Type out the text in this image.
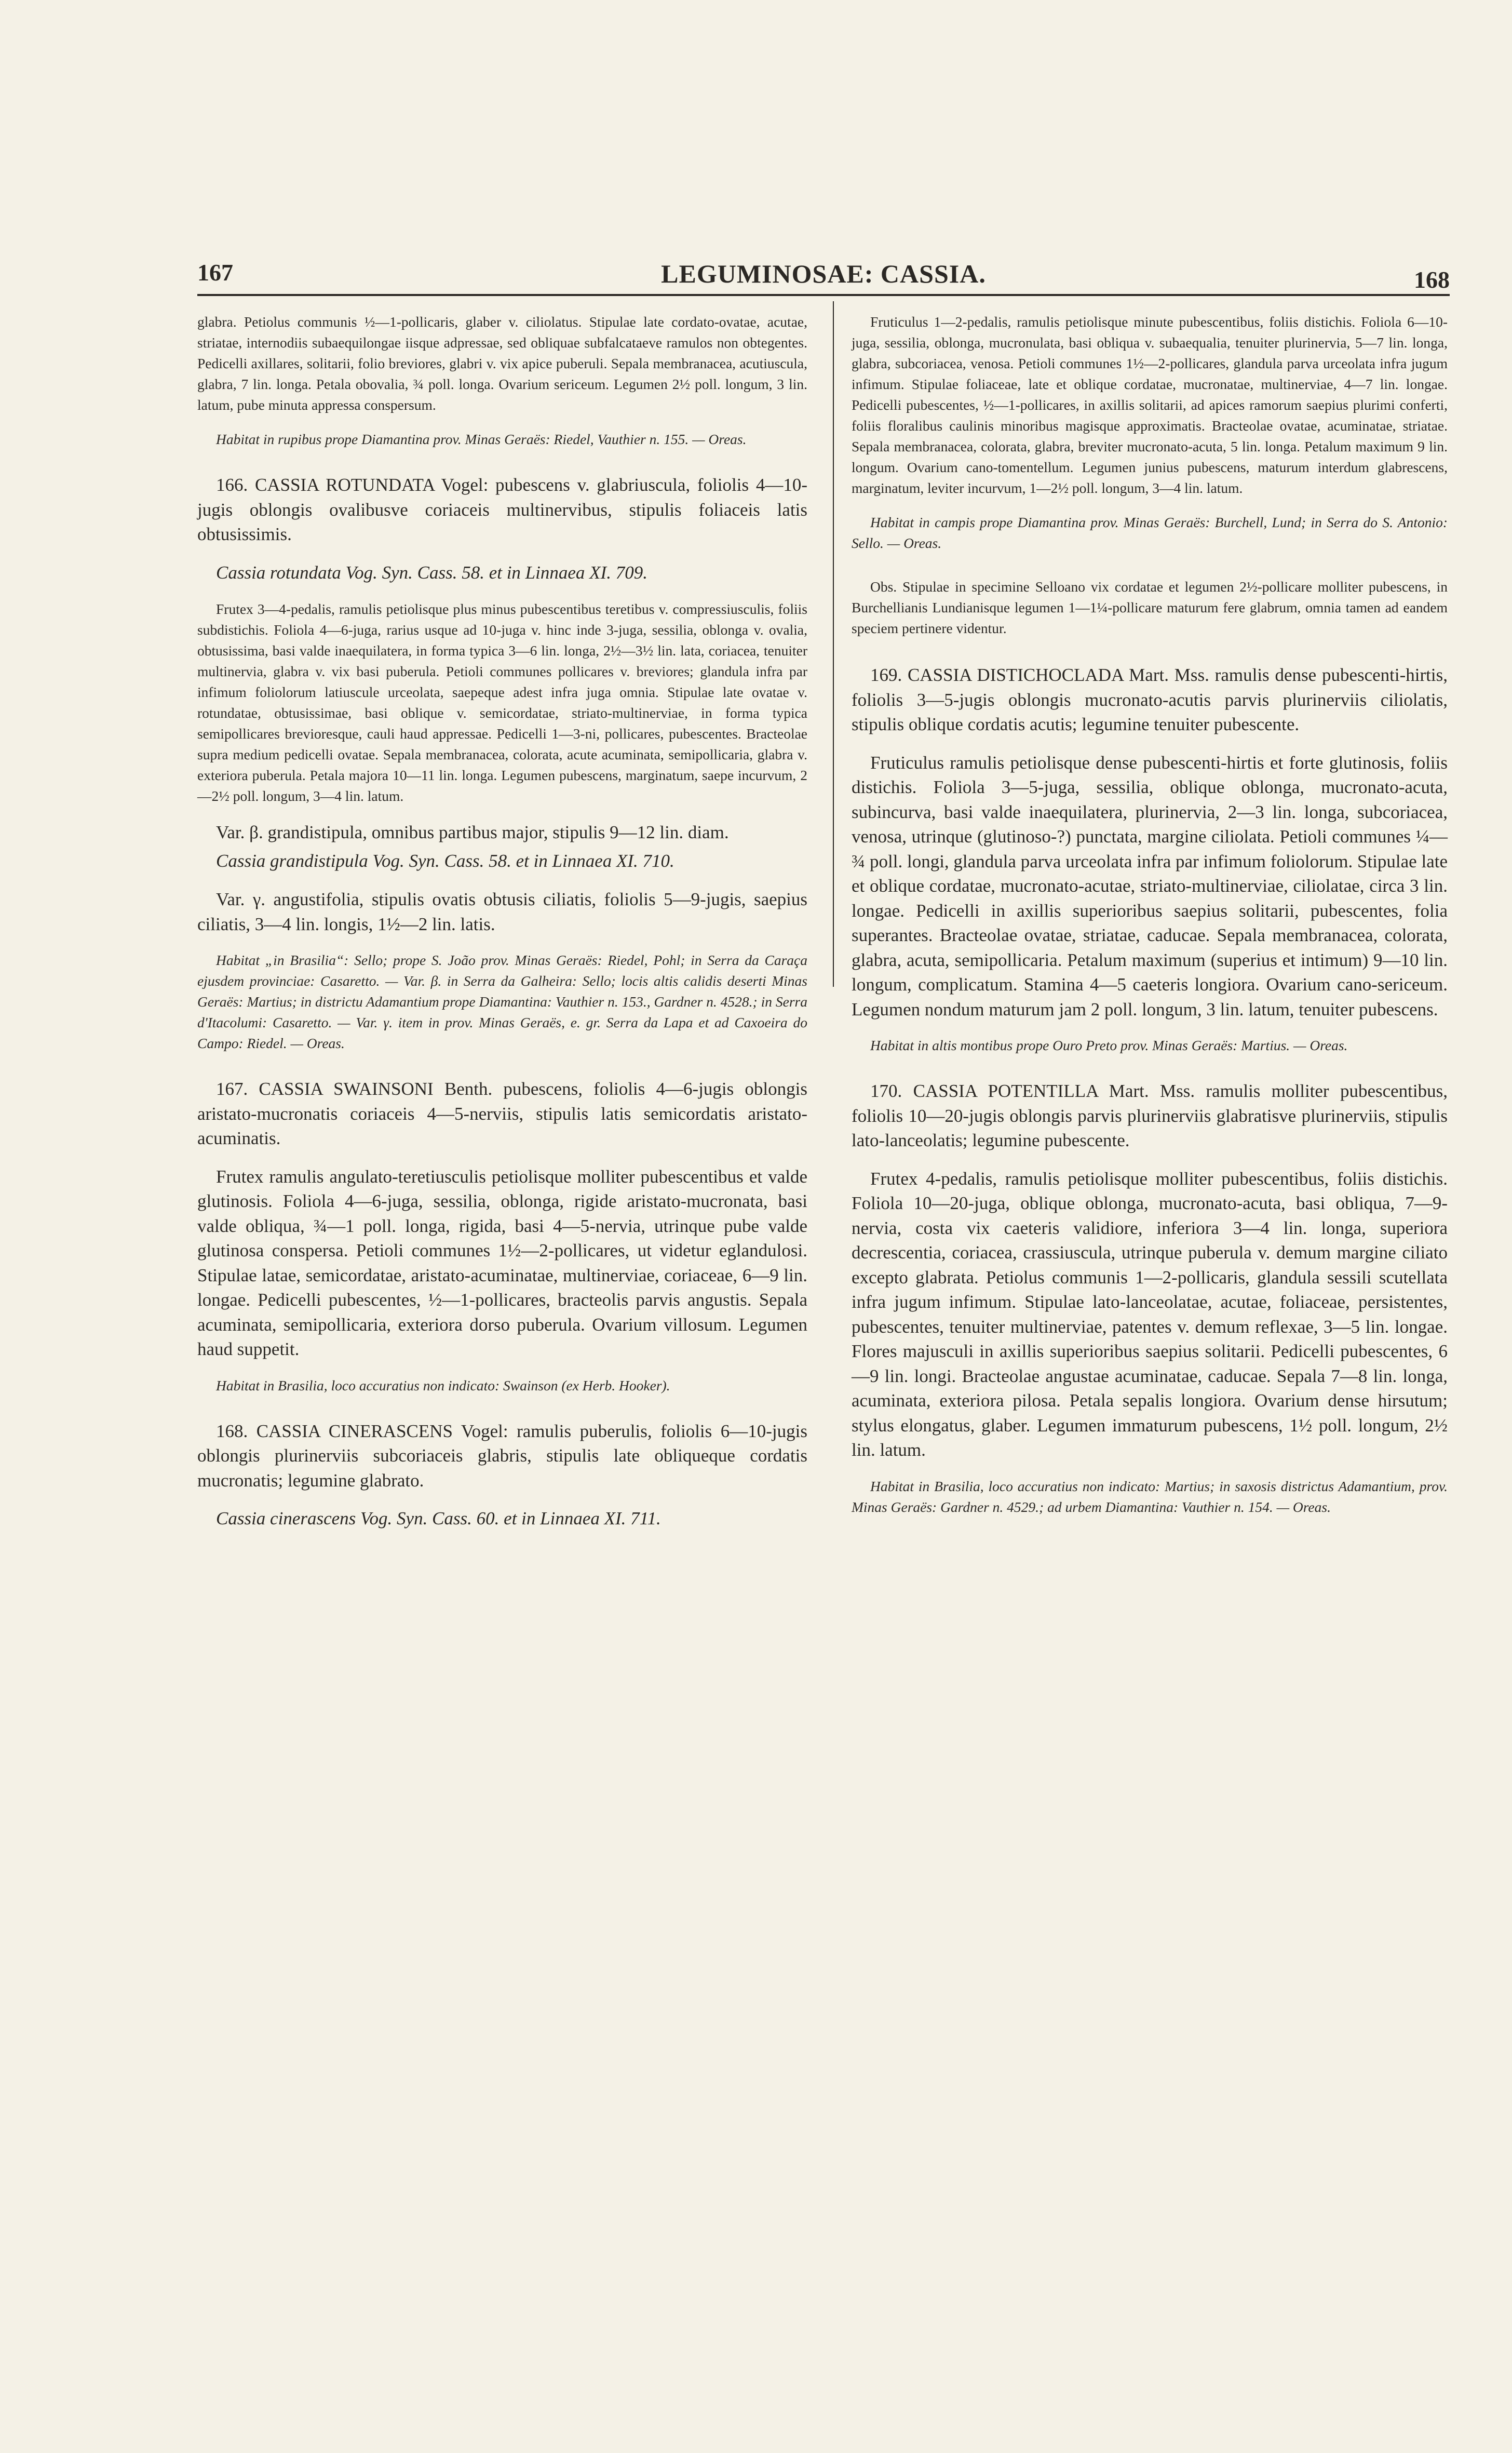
167	LEGUMINOSAE: CASSIA.	168

glabra. Petiolus communis ½—1-pollicaris, glaber v. ciliolatus. Stipulae late cordato-ovatae, acutae, striatae, internodiis subaequilongae iisque adpressae, sed obliquae subfalcataeve ramulos non obtegentes. Pedicelli axillares, solitarii, folio breviores, glabri v. vix apice puberuli. Sepala membranacea, acutiuscula, glabra, 7 lin. longa. Petala obovalia, ¾ poll. longa. Ovarium sericeum. Legumen 2½ poll. longum, 3 lin. latum, pube minuta appressa conspersum.

Habitat in rupibus prope Diamantina prov. Minas Geraës: Riedel, Vauthier n. 155. — Oreas.

166. CASSIA ROTUNDATA Vogel: pubescens v. glabriuscula, foliolis 4—10-jugis oblongis ovalibusve coriaceis multinervibus, stipulis foliaceis latis obtusissimis.

Cassia rotundata Vog. Syn. Cass. 58. et in Linnaea XI. 709.

Frutex 3—4-pedalis, ramulis petiolisque plus minus pubescentibus teretibus v. compressiusculis, foliis subdistichis. Foliola 4—6-juga, rarius usque ad 10-juga v. hinc inde 3-juga, sessilia, oblonga v. ovalia, obtusissima, basi valde inaequilatera, in forma typica 3—6 lin. longa, 2½—3½ lin. lata, coriacea, tenuiter multinervia, glabra v. vix basi puberula. Petioli communes pollicares v. breviores; glandula infra par infimum foliolorum latiuscule urceolata, saepeque adest infra juga omnia. Stipulae late ovatae v. rotundatae, obtusissimae, basi oblique v. semicordatae, striato-multinerviae, in forma typica semipollicares brevioresque, cauli haud appressae. Pedicelli 1—3-ni, pollicares, pubescentes. Bracteolae supra medium pedicelli ovatae. Sepala membranacea, colorata, acute acuminata, semipollicaria, glabra v. exteriora puberula. Petala majora 10—11 lin. longa. Legumen pubescens, marginatum, saepe incurvum, 2—2½ poll. longum, 3—4 lin. latum.

Var. β. grandistipula, omnibus partibus major, stipulis 9—12 lin. diam.

Cassia grandistipula Vog. Syn. Cass. 58. et in Linnaea XI. 710.

Var. γ. angustifolia, stipulis ovatis obtusis ciliatis, foliolis 5—9-jugis, saepius ciliatis, 3—4 lin. longis, 1½—2 lin. latis.

Habitat „in Brasilia“: Sello; prope S. João prov. Minas Geraës: Riedel, Pohl; in Serra da Caraça ejusdem provinciae: Casaretto. — Var. β. in Serra da Galheira: Sello; locis altis calidis deserti Minas Geraës: Martius; in districtu Adamantium prope Diamantina: Vauthier n. 153., Gardner n. 4528.; in Serra d'Itacolumi: Casaretto. — Var. γ. item in prov. Minas Geraës, e. gr. Serra da Lapa et ad Caxoeira do Campo: Riedel. — Oreas.

167. CASSIA SWAINSONI Benth. pubescens, foliolis 4—6-jugis oblongis aristato-mucronatis coriaceis 4—5-nerviis, stipulis latis semicordatis aristato-acuminatis.

Frutex ramulis angulato-teretiusculis petiolisque molliter pubescentibus et valde glutinosis. Foliola 4—6-juga, sessilia, oblonga, rigide aristato-mucronata, basi valde obliqua, ¾—1 poll. longa, rigida, basi 4—5-nervia, utrinque pube valde glutinosa conspersa. Petioli communes 1½—2-pollicares, ut videtur eglandulosi. Stipulae latae, semicordatae, aristato-acuminatae, multinerviae, coriaceae, 6—9 lin. longae. Pedicelli pubescentes, ½—1-pollicares, bracteolis parvis angustis. Sepala acuminata, semipollicaria, exteriora dorso puberula. Ovarium villosum. Legumen haud suppetit.

Habitat in Brasilia, loco accuratius non indicato: Swainson (ex Herb. Hooker).

168. CASSIA CINERASCENS Vogel: ramulis puberulis, foliolis 6—10-jugis oblongis plurinerviis subcoriaceis glabris, stipulis late obliqueque cordatis mucronatis; legumine glabrato.

Cassia cinerascens Vog. Syn. Cass. 60. et in Linnaea XI. 711.

Fruticulus 1—2-pedalis, ramulis petiolisque minute pubescentibus, foliis distichis. Foliola 6—10-juga, sessilia, oblonga, mucronulata, basi obliqua v. subaequalia, tenuiter plurinervia, 5—7 lin. longa, glabra, subcoriacea, venosa. Petioli communes 1½—2-pollicares, glandula parva urceolata infra jugum infimum. Stipulae foliaceae, late et oblique cordatae, mucronatae, multinerviae, 4—7 lin. longae. Pedicelli pubescentes, ½—1-pollicares, in axillis solitarii, ad apices ramorum saepius plurimi conferti, foliis floralibus caulinis minoribus magisque approximatis. Bracteolae ovatae, acuminatae, striatae. Sepala membranacea, colorata, glabra, breviter mucronato-acuta, 5 lin. longa. Petalum maximum 9 lin. longum. Ovarium cano-tomentellum. Legumen junius pubescens, maturum interdum glabrescens, marginatum, leviter incurvum, 1—2½ poll. longum, 3—4 lin. latum.

Habitat in campis prope Diamantina prov. Minas Geraës: Burchell, Lund; in Serra do S. Antonio: Sello. — Oreas.

Obs. Stipulae in specimine Selloano vix cordatae et legumen 2½-pollicare molliter pubescens, in Burchellianis Lundianisque legumen 1—1¼-pollicare maturum fere glabrum, omnia tamen ad eandem speciem pertinere videntur.

169. CASSIA DISTICHOCLADA Mart. Mss. ramulis dense pubescenti-hirtis, foliolis 3—5-jugis oblongis mucronato-acutis parvis plurinerviis ciliolatis, stipulis oblique cordatis acutis; legumine tenuiter pubescente.

Fruticulus ramulis petiolisque dense pubescenti-hirtis et forte glutinosis, foliis distichis. Foliola 3—5-juga, sessilia, oblique oblonga, mucronato-acuta, subincurva, basi valde inaequilatera, plurinervia, 2—3 lin. longa, subcoriacea, venosa, utrinque (glutinoso-?) punctata, margine ciliolata. Petioli communes ¼—¾ poll. longi, glandula parva urceolata infra par infimum foliolorum. Stipulae late et oblique cordatae, mucronato-acutae, striato-multinerviae, ciliolatae, circa 3 lin. longae. Pedicelli in axillis superioribus saepius solitarii, pubescentes, folia superantes. Bracteolae ovatae, striatae, caducae. Sepala membranacea, colorata, glabra, acuta, semipollicaria. Petalum maximum (superius et intimum) 9—10 lin. longum, complicatum. Stamina 4—5 caeteris longiora. Ovarium cano-sericeum. Legumen nondum maturum jam 2 poll. longum, 3 lin. latum, tenuiter pubescens.

Habitat in altis montibus prope Ouro Preto prov. Minas Geraës: Martius. — Oreas.

170. CASSIA POTENTILLA Mart. Mss. ramulis molliter pubescentibus, foliolis 10—20-jugis oblongis parvis plurinerviis glabratisve plurinerviis, stipulis lato-lanceolatis; legumine pubescente.

Frutex 4-pedalis, ramulis petiolisque molliter pubescentibus, foliis distichis. Foliola 10—20-juga, oblique oblonga, mucronato-acuta, basi obliqua, 7—9-nervia, costa vix caeteris validiore, inferiora 3—4 lin. longa, superiora decrescentia, coriacea, crassiuscula, utrinque puberula v. demum margine ciliato excepto glabrata. Petiolus communis 1—2-pollicaris, glandula sessili scutellata infra jugum infimum. Stipulae lato-lanceolatae, acutae, foliaceae, persistentes, pubescentes, tenuiter multinerviae, patentes v. demum reflexae, 3—5 lin. longae. Flores majusculi in axillis superioribus saepius solitarii. Pedicelli pubescentes, 6—9 lin. longi. Bracteolae angustae acuminatae, caducae. Sepala 7—8 lin. longa, acuminata, exteriora pilosa. Petala sepalis longiora. Ovarium dense hirsutum; stylus elongatus, glaber. Legumen immaturum pubescens, 1½ poll. longum, 2½ lin. latum.

Habitat in Brasilia, loco accuratius non indicato: Martius; in saxosis districtus Adamantium, prov. Minas Geraës: Gardner n. 4529.; ad urbem Diamantina: Vauthier n. 154. — Oreas.
